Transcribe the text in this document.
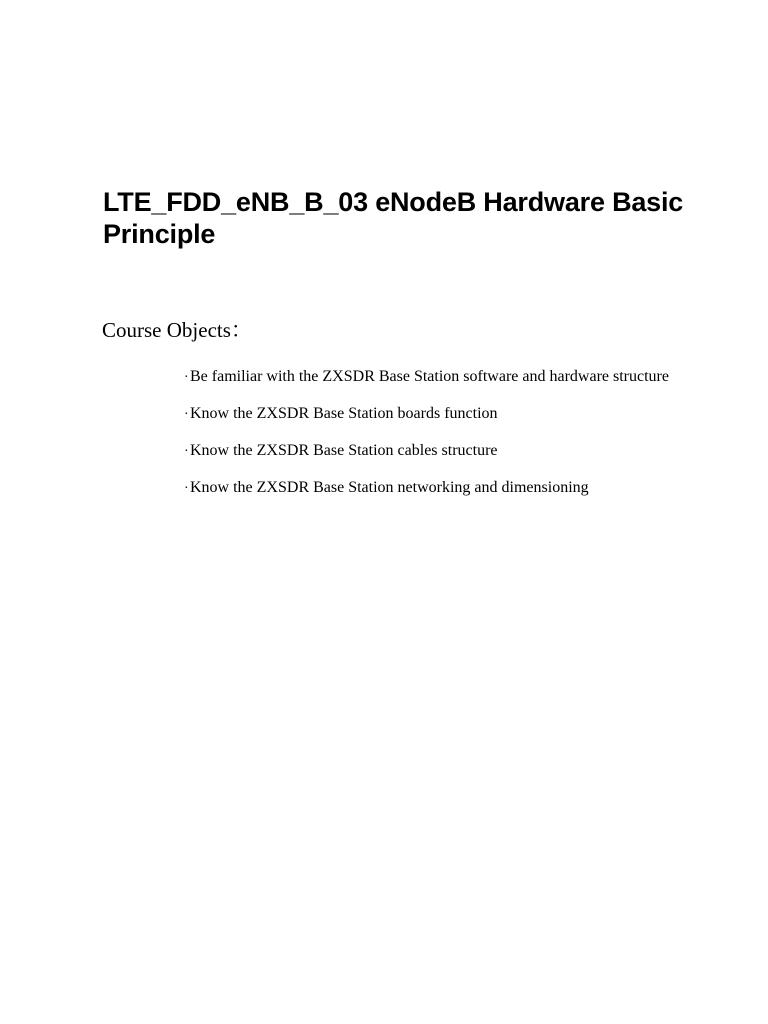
LTE_FDD_eNB_B_03 eNodeB Hardware Basic Principle
Course Objects：
·Be familiar with the ZXSDR Base Station software and hardware structure
·Know the ZXSDR Base Station boards function
·Know the ZXSDR Base Station cables structure
·Know the ZXSDR Base Station networking and dimensioning
